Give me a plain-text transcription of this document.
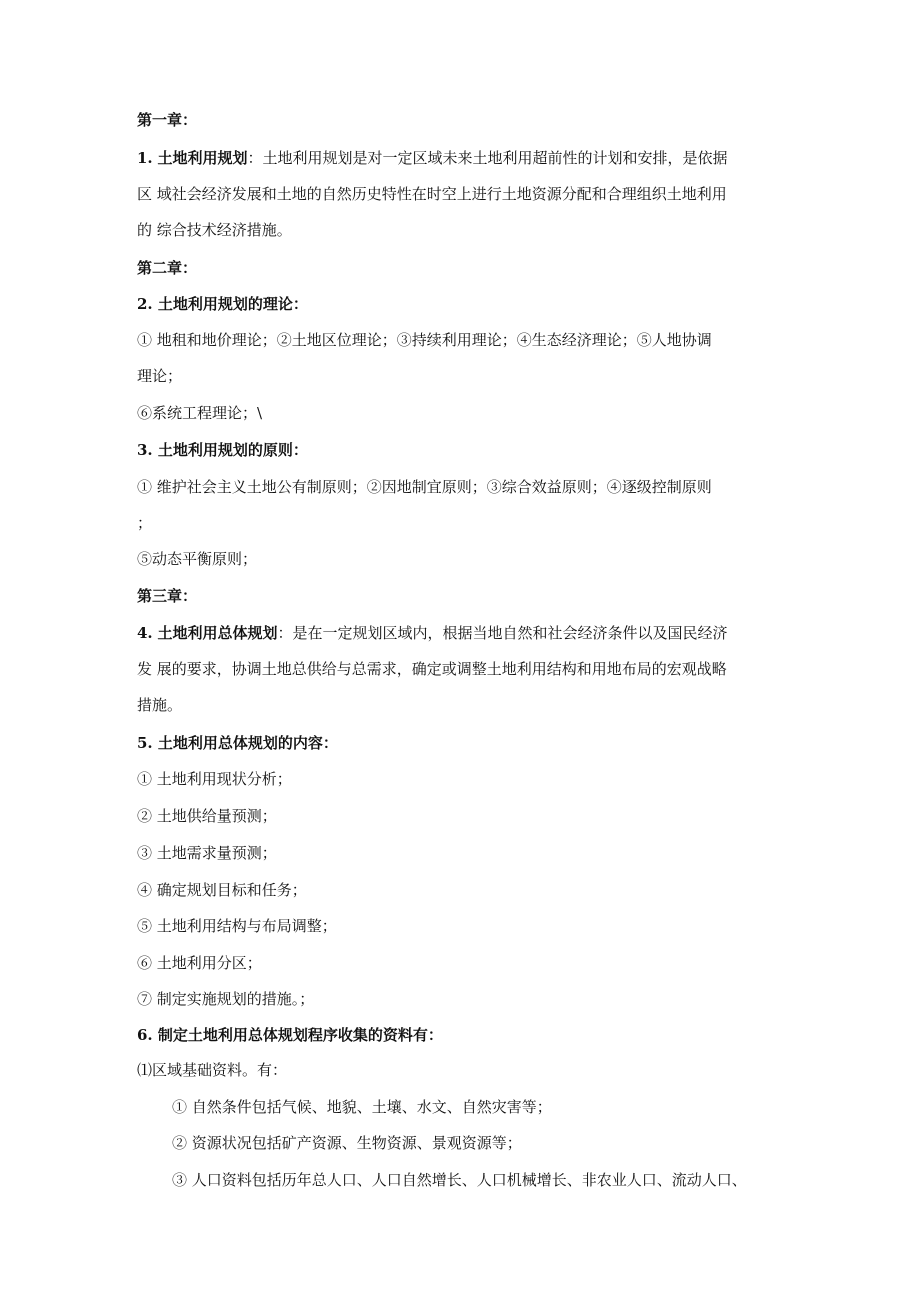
第一章：
1. 土地利用规划：土地利用规划是对一定区域未来土地利用超前性的计划和安排，是依据
区 域社会经济发展和土地的自然历史特性在时空上进行土地资源分配和合理组织土地利用
的 综合技术经济措施。
第二章：
2. 土地利用规划的理论：
① 地租和地价理论；②土地区位理论；③持续利用理论；④生态经济理论；⑤人地协调
理论；
⑥系统工程理论；\
3. 土地利用规划的原则：
① 维护社会主义土地公有制原则；②因地制宜原则；③综合效益原则；④逐级控制原则
；
⑤动态平衡原则；
第三章：
4. 土地利用总体规划：是在一定规划区域内，根据当地自然和社会经济条件以及国民经济
发 展的要求，协调土地总供给与总需求，确定或调整土地利用结构和用地布局的宏观战略
措施。
5. 土地利用总体规划的内容：
① 土地利用现状分析；
② 土地供给量预测；
③ 土地需求量预测；
④ 确定规划目标和任务；
⑤ 土地利用结构与布局调整；
⑥ 土地利用分区；
⑦ 制定实施规划的措施。；
6. 制定土地利用总体规划程序收集的资料有：
⑴区域基础资料。有：
① 自然条件包括气候、地貌、土壤、水文、自然灾害等；
② 资源状况包括矿产资源、生物资源、景观资源等；
③ 人口资料包括历年总人口、人口自然增长、人口机械增长、非农业人口、流动人口、
